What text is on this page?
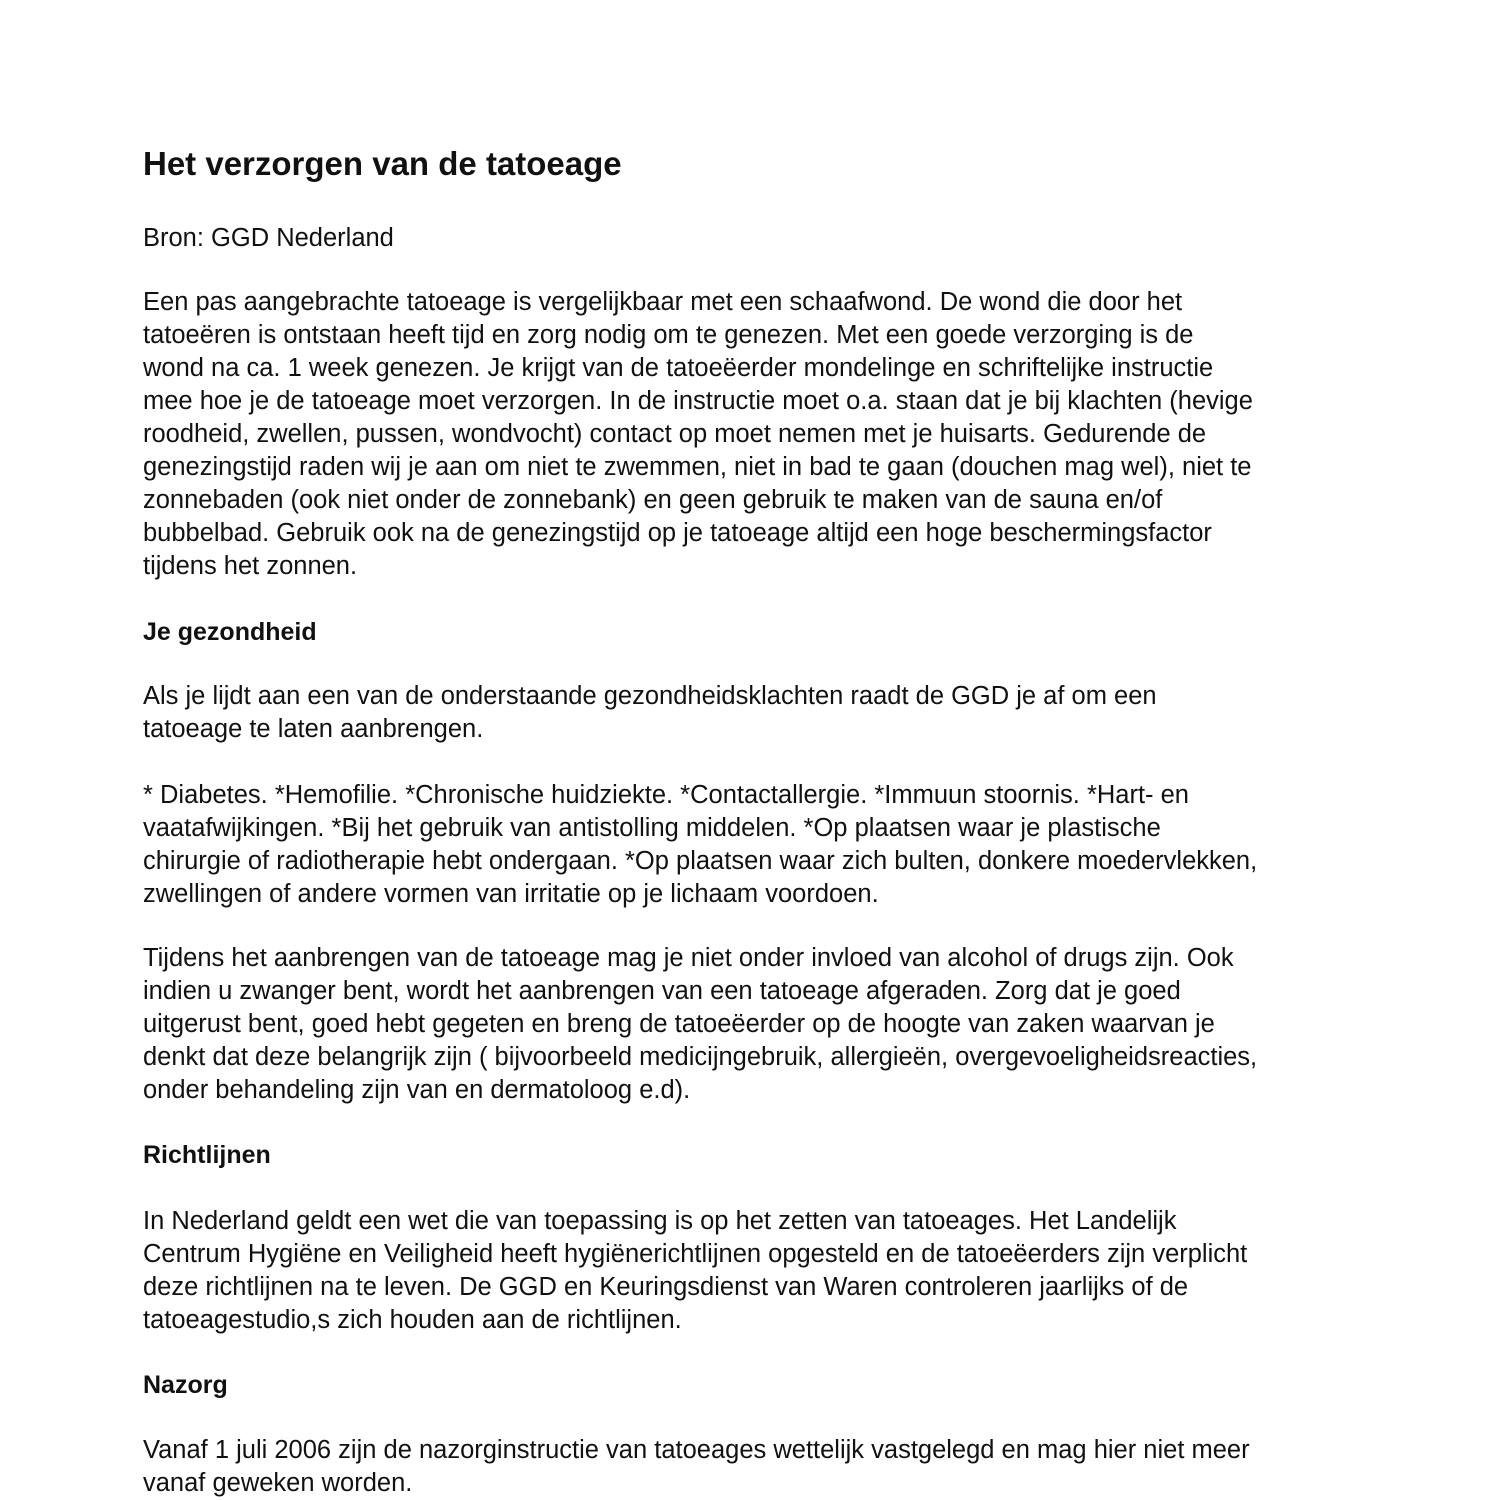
Het verzorgen van de tatoeage
Bron: GGD Nederland
Een pas aangebrachte tatoeage is vergelijkbaar met een schaafwond. De wond die door het
tatoeëren is ontstaan heeft tijd en zorg nodig om te genezen. Met een goede verzorging is de
wond na ca. 1 week genezen. Je krijgt van de tatoeëerder mondelinge en schriftelijke instructie
mee hoe je de tatoeage moet verzorgen. In de instructie moet o.a. staan dat je bij klachten (hevige
roodheid, zwellen, pussen, wondvocht) contact op moet nemen met je huisarts. Gedurende de
genezingstijd raden wij je aan om niet te zwemmen, niet in bad te gaan (douchen mag wel), niet te
zonnebaden (ook niet onder de zonnebank) en geen gebruik te maken van de sauna en/of
bubbelbad. Gebruik ook na de genezingstijd op je tatoeage altijd een hoge beschermingsfactor
tijdens het zonnen.
Je gezondheid
Als je lijdt aan een van de onderstaande gezondheidsklachten raadt de GGD je af om een
tatoeage te laten aanbrengen.
* Diabetes. *Hemofilie. *Chronische huidziekte. *Contactallergie. *Immuun stoornis. *Hart- en
vaatafwijkingen. *Bij het gebruik van antistolling middelen. *Op plaatsen waar je plastische
chirurgie of radiotherapie hebt ondergaan. *Op plaatsen waar zich bulten, donkere moedervlekken,
zwellingen of andere vormen van irritatie op je lichaam voordoen.
Tijdens het aanbrengen van de tatoeage mag je niet onder invloed van alcohol of drugs zijn. Ook
indien u zwanger bent, wordt het aanbrengen van een tatoeage afgeraden. Zorg dat je goed
uitgerust bent, goed hebt gegeten en breng de tatoeëerder op de hoogte van zaken waarvan je
denkt dat deze belangrijk zijn ( bijvoorbeeld medicijngebruik, allergieën, overgevoeligheidsreacties,
onder behandeling zijn van en dermatoloog e.d).
Richtlijnen
In Nederland geldt een wet die van toepassing is op het zetten van tatoeages. Het Landelijk
Centrum Hygiëne en Veiligheid heeft hygiënerichtlijnen opgesteld en de tatoeëerders zijn verplicht
deze richtlijnen na te leven. De GGD en Keuringsdienst van Waren controleren jaarlijks of de
tatoeagestudio,s zich houden aan de richtlijnen.
Nazorg
Vanaf 1 juli 2006 zijn de nazorginstructie van tatoeages wettelijk vastgelegd en mag hier niet meer
vanaf geweken worden.
